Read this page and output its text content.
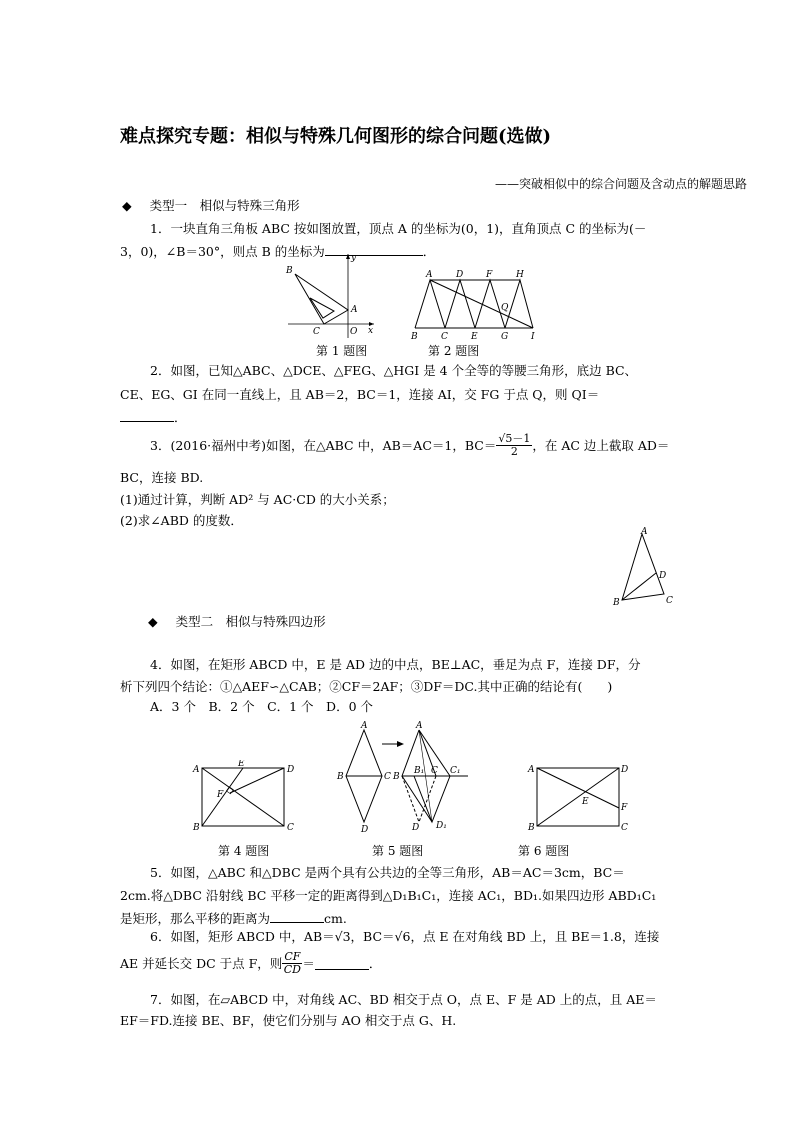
难点探究专题：相似与特殊几何图形的综合问题(选做)
——突破相似中的综合问题及含动点的解题思路
◆ 类型一　相似与特殊三角形
1．一块直角三角板 ABC 按如图放置，顶点 A 的坐标为(0，1)，直角顶点 C 的坐标为(－
3，0)，∠B＝30°，则点 B 的坐标为	．
B
A
C	O x
y
第 1 题图
A	D	F	H
Q
B	C	E	G	I
第 2 题图
2．如图，已知△ABC、△DCE、△FEG、△HGI 是 4 个全等的等腰三角形，底边 BC、
CE、EG、GI 在同一直线上，且 AB＝2，BC＝1，连接 AI，交 FG 于点 Q，则 QI＝
．
3．(2016·福州中考)如图，在△ABC 中，AB＝AC＝1，$BC= \frac{√5-1}{2}$ ，在 AC 边上截取 AD＝
BC，连接 BD.
(1)通过计算，判断 AD² 与 AC·CD 的大小关系；
(2)求∠ABD 的度数．
A
D
B	C
◆ 类型二　相似与特殊四边形
4．如图，在矩形 ABCD 中，E 是 AD 边的中点，BE⊥AC，垂足为点 F，连接 DF，分
析下列四个结论：①△AEF∽△CAB；②CF＝2AF；③DF＝DC.其中正确的结论有(　　)
A．3 个　B．2 个　C．1 个　D．0 个
A
E
D
F
B	C
第 4 题图
A
B	C
D
A
B
B₁	C₁
C
D D₁
第 5 题图
A	D
E
F
B	C
第 6 题图
5．如图，△ABC 和△DBC 是两个具有公共边的全等三角形，AB＝AC＝3cm，BC＝
2cm.将△DBC 沿射线 BC 平移一定的距离得到△D₁B₁C₁，连接 AC₁，BD₁.如果四边形 ABD₁C₁
是矩形，那么平移的距离为	cm.
6．如图，矩形 ABCD 中，AB＝√3，BC＝√6，点 E 在对角线 BD 上，且 BE＝1.8，连接
AE 并延长交 DC 于点 F，则 $\frac{CF}{CD}$ ＝	．
7．如图，在▱ABCD 中，对角线 AC、BD 相交于点 O，点 E、F 是 AD 上的点，且 AE＝
EF＝FD.连接 BE、BF，使它们分别与 AO 相交于点 G、H.
